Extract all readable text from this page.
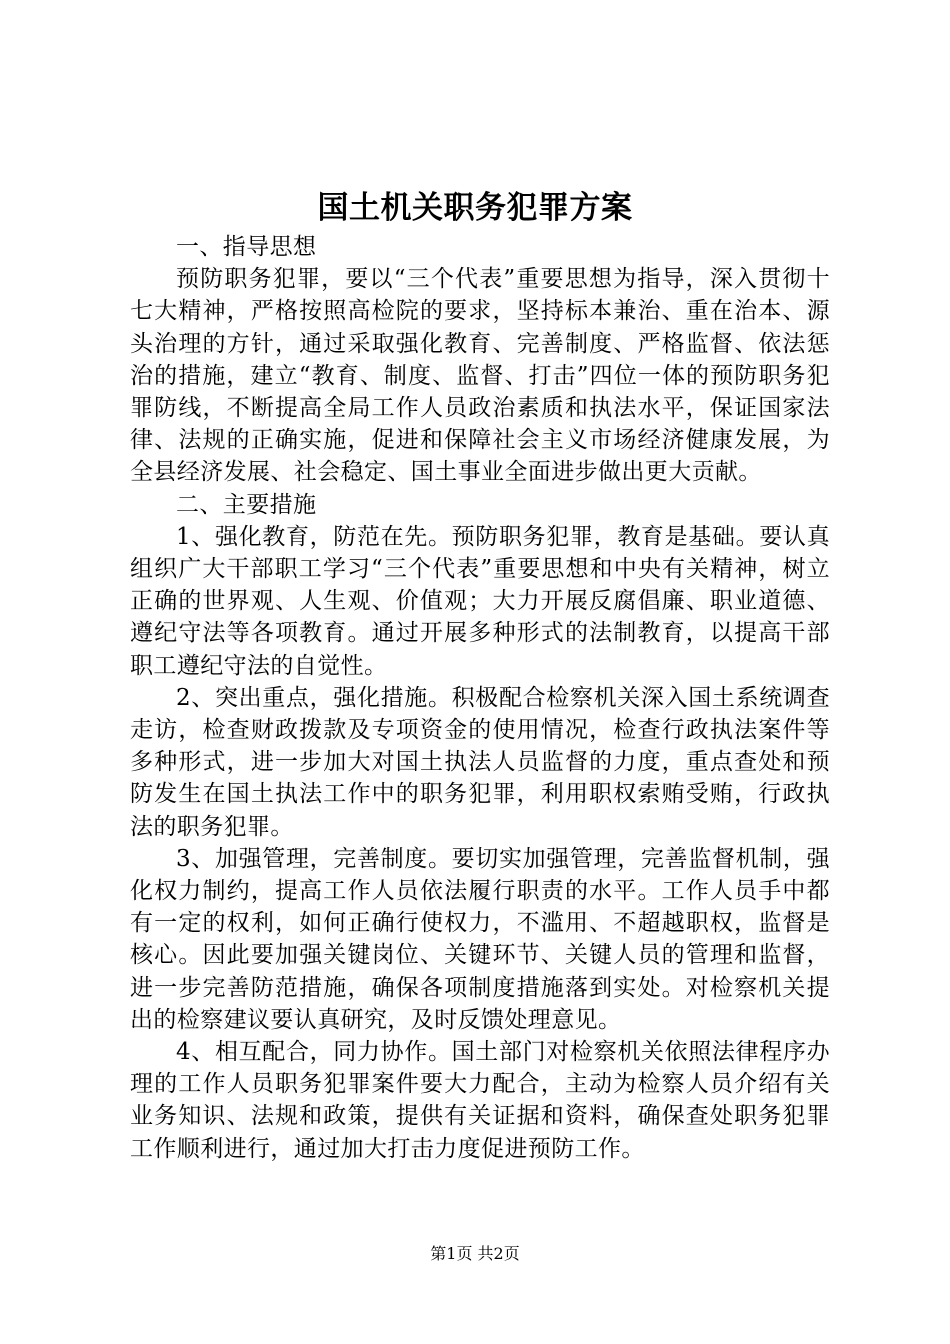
国土机关职务犯罪方案

一、指导思想

预防职务犯罪，要以“三个代表”重要思想为指导，深入贯彻十七大精神，严格按照高检院的要求，坚持标本兼治、重在治本、源头治理的方针，通过采取强化教育、完善制度、严格监督、依法惩治的措施，建立“教育、制度、监督、打击”四位一体的预防职务犯罪防线，不断提高全局工作人员政治素质和执法水平，保证国家法律、法规的正确实施，促进和保障社会主义市场经济健康发展，为全县经济发展、社会稳定、国土事业全面进步做出更大贡献。

二、主要措施

1、强化教育，防范在先。预防职务犯罪，教育是基础。要认真组织广大干部职工学习“三个代表”重要思想和中央有关精神，树立正确的世界观、人生观、价值观；大力开展反腐倡廉、职业道德、遵纪守法等各项教育。通过开展多种形式的法制教育，以提高干部职工遵纪守法的自觉性。

2、突出重点，强化措施。积极配合检察机关深入国土系统调查走访，检查财政拨款及专项资金的使用情况，检查行政执法案件等多种形式，进一步加大对国土执法人员监督的力度，重点查处和预防发生在国土执法工作中的职务犯罪，利用职权索贿受贿，行政执法的职务犯罪。

3、加强管理，完善制度。要切实加强管理，完善监督机制，强化权力制约，提高工作人员依法履行职责的水平。工作人员手中都有一定的权利，如何正确行使权力，不滥用、不超越职权，监督是核心。因此要加强关键岗位、关键环节、关键人员的管理和监督，进一步完善防范措施，确保各项制度措施落到实处。对检察机关提出的检察建议要认真研究，及时反馈处理意见。

4、相互配合，同力协作。国土部门对检察机关依照法律程序办理的工作人员职务犯罪案件要大力配合，主动为检察人员介绍有关业务知识、法规和政策，提供有关证据和资料，确保查处职务犯罪工作顺利进行，通过加大打击力度促进预防工作。

第1页 共2页
